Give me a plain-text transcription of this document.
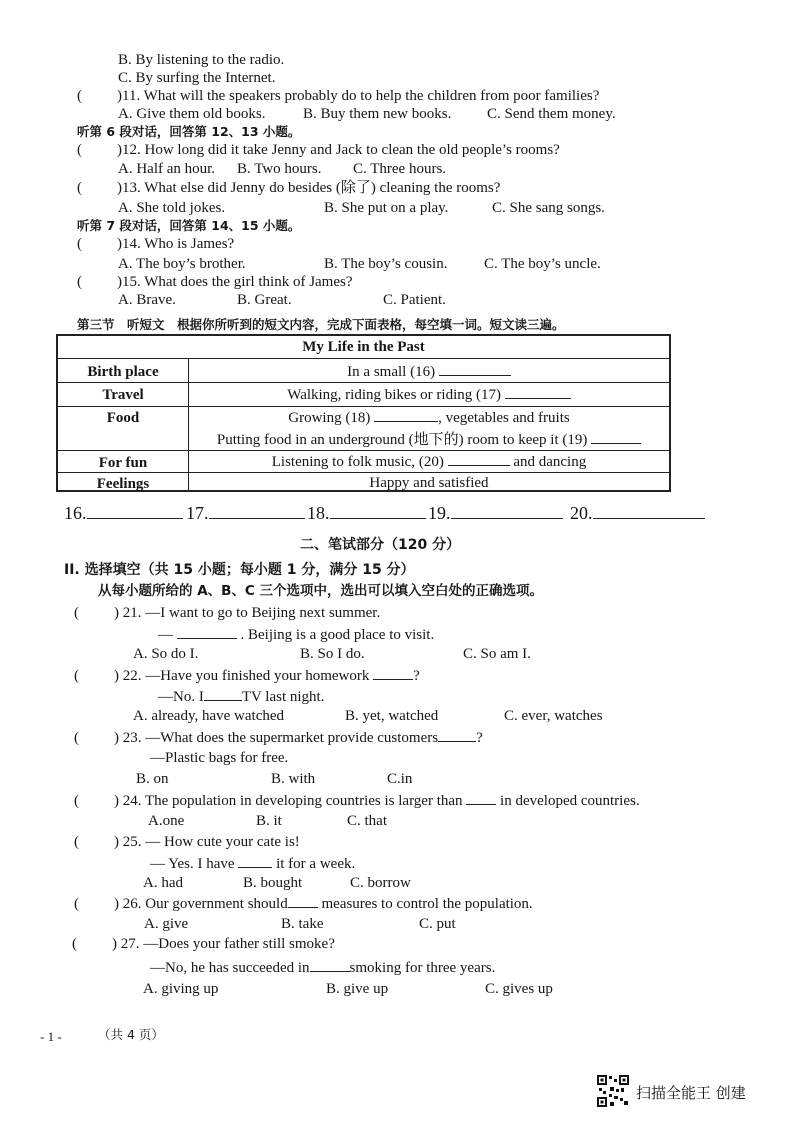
B. By listening to the radio.
C. By surfing the Internet.
( )11. What will the speakers probably do to help the children from poor families?
A. Give them old books.	B. Buy them new books. C. Send them money.
听第 6 段对话，回答第 12、13 小题。
( )12. How long did it take Jenny and Jack to clean the old people’s rooms?
A. Half an hour. B. Two hours. C. Three hours.
( )13. What else did Jenny do besides (除了) cleaning the rooms?
A. She told jokes.	B. She put on a play.	C. She sang songs.
听第 7 段对话，回答第 14、15 小题。
( )14. Who is James?
A. The boy’s brother.	B. The boy’s cousin. C. The boy’s uncle.
( )15. What does the girl think of James?
A. Brave.	B. Great.	C. Patient.
第三节　听短文　根据你所听到的短文内容，完成下面表格，每空填一词。短文读三遍。
My Life in the Past
Birth place	In a small (16)
Travel	Walking, riding bikes or riding (17)
Food	Growing (18)	, vegetables and fruits
Putting food in an underground (地下的) room to keep it (19)
For fun	Listening to folk music, (20)	and dancing
Feelings	Happy and satisfied
16.	17.	18.	19.	20.
二、笔试部分（120 分）
II. 选择填空（共 15 小题；每小题 1 分，满分 15 分）
从每小题所给的 A、B、C 三个选项中，选出可以填入空白处的正确选项。
( ) 21. —I want to go to Beijing next summer.
—	. Beijing is a good place to visit.
A. So do I.	B. So I do.	C. So am I.
( ) 22. —Have you finished your homework	?
—No. I	TV last night.
A. already, have watched	B. yet, watched	C. ever, watches
( ) 23. —What does the supermarket provide customers	?
—Plastic bags for free.
B. on	B. with	C.in
( ) 24. The population in developing countries is larger than	in developed countries.
A.one	B. it	C. that
( ) 25. — How cute your cate is!
— Yes. I have	it for a week.
A. had	B. bought	C. borrow
( ) 26. Our government should measures to control the population.
A. give	B. take	C. put
( ) 27. —Does your father still smoke?
—No, he has succeeded in	smoking for three years.
A. giving up	B. give up	C. gives up
- 1 -	（共 4 页）
扫描全能王 创建
